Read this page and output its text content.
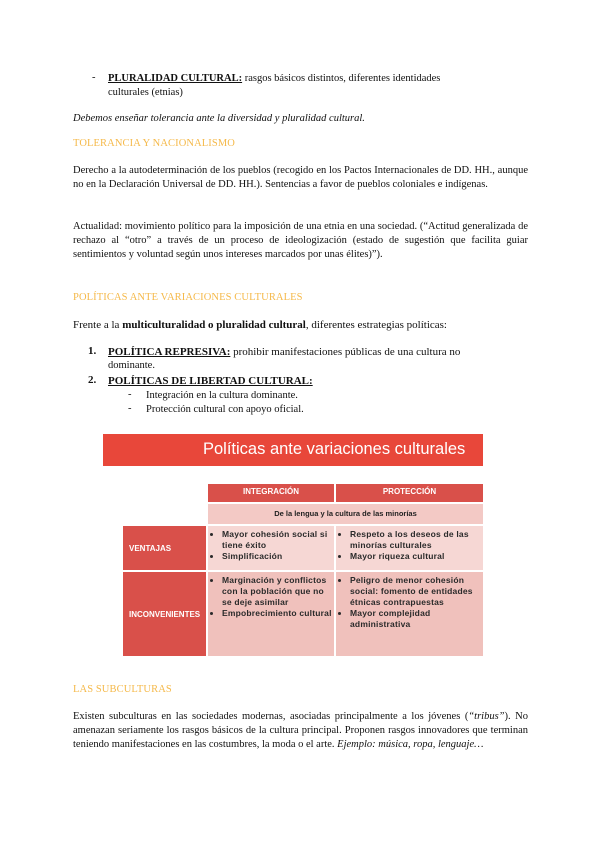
- PLURALIDAD CULTURAL: rasgos básicos distintos, diferentes identidades

culturales (etnias)

Debemos enseñar tolerancia ante la diversidad y pluralidad cultural.

TOLERANCIA Y NACIONALISMO

Derecho a la autodeterminación de los pueblos (recogido en los Pactos Internacionales de DD. HH., aunque no en la Declaración Universal de DD. HH.). Sentencias a favor de pueblos coloniales e indígenas.

Actualidad: movimiento político para la imposición de una etnia en una sociedad. (“Actitud generalizada de rechazo al “otro” a través de un proceso de ideologización (estado de sugestión que facilita guiar sentimientos y voluntad según unos intereses marcados por unas élites)”).

POLÍTICAS ANTE VARIACIONES CULTURALES

Frente a la multiculturalidad o pluralidad cultural, diferentes estrategias políticas:

1. POLÍTICA REPRESIVA: prohibir manifestaciones públicas de una cultura no

dominante.

2. POLÍTICAS DE LIBERTAD CULTURAL:

- Integración en la cultura dominante.

- Protección cultural con apoyo oficial.

Políticas ante variaciones culturales
INTEGRACIÓN	PROTECCIÓN
De la lengua y la cultura de las minorías
VENTAJAS
• Mayor cohesión social si tiene éxito
• Simplificación
• Respeto a los deseos de las minorías culturales
• Mayor riqueza cultural
INCONVENIENTES
• Marginación y conflictos con la población que no se deje asimilar
• Empobrecimiento cultural
• Peligro de menor cohesión social: fomento de entidades étnicas contrapuestas
• Mayor complejidad administrativa

LAS SUBCULTURAS

Existen subculturas en las sociedades modernas, asociadas principalmente a los jóvenes (“tribus”). No amenazan seriamente los rasgos básicos de la cultura principal. Proponen rasgos innovadores que terminan teniendo manifestaciones en las costumbres, la moda o el arte. Ejemplo: música, ropa, lenguaje…
